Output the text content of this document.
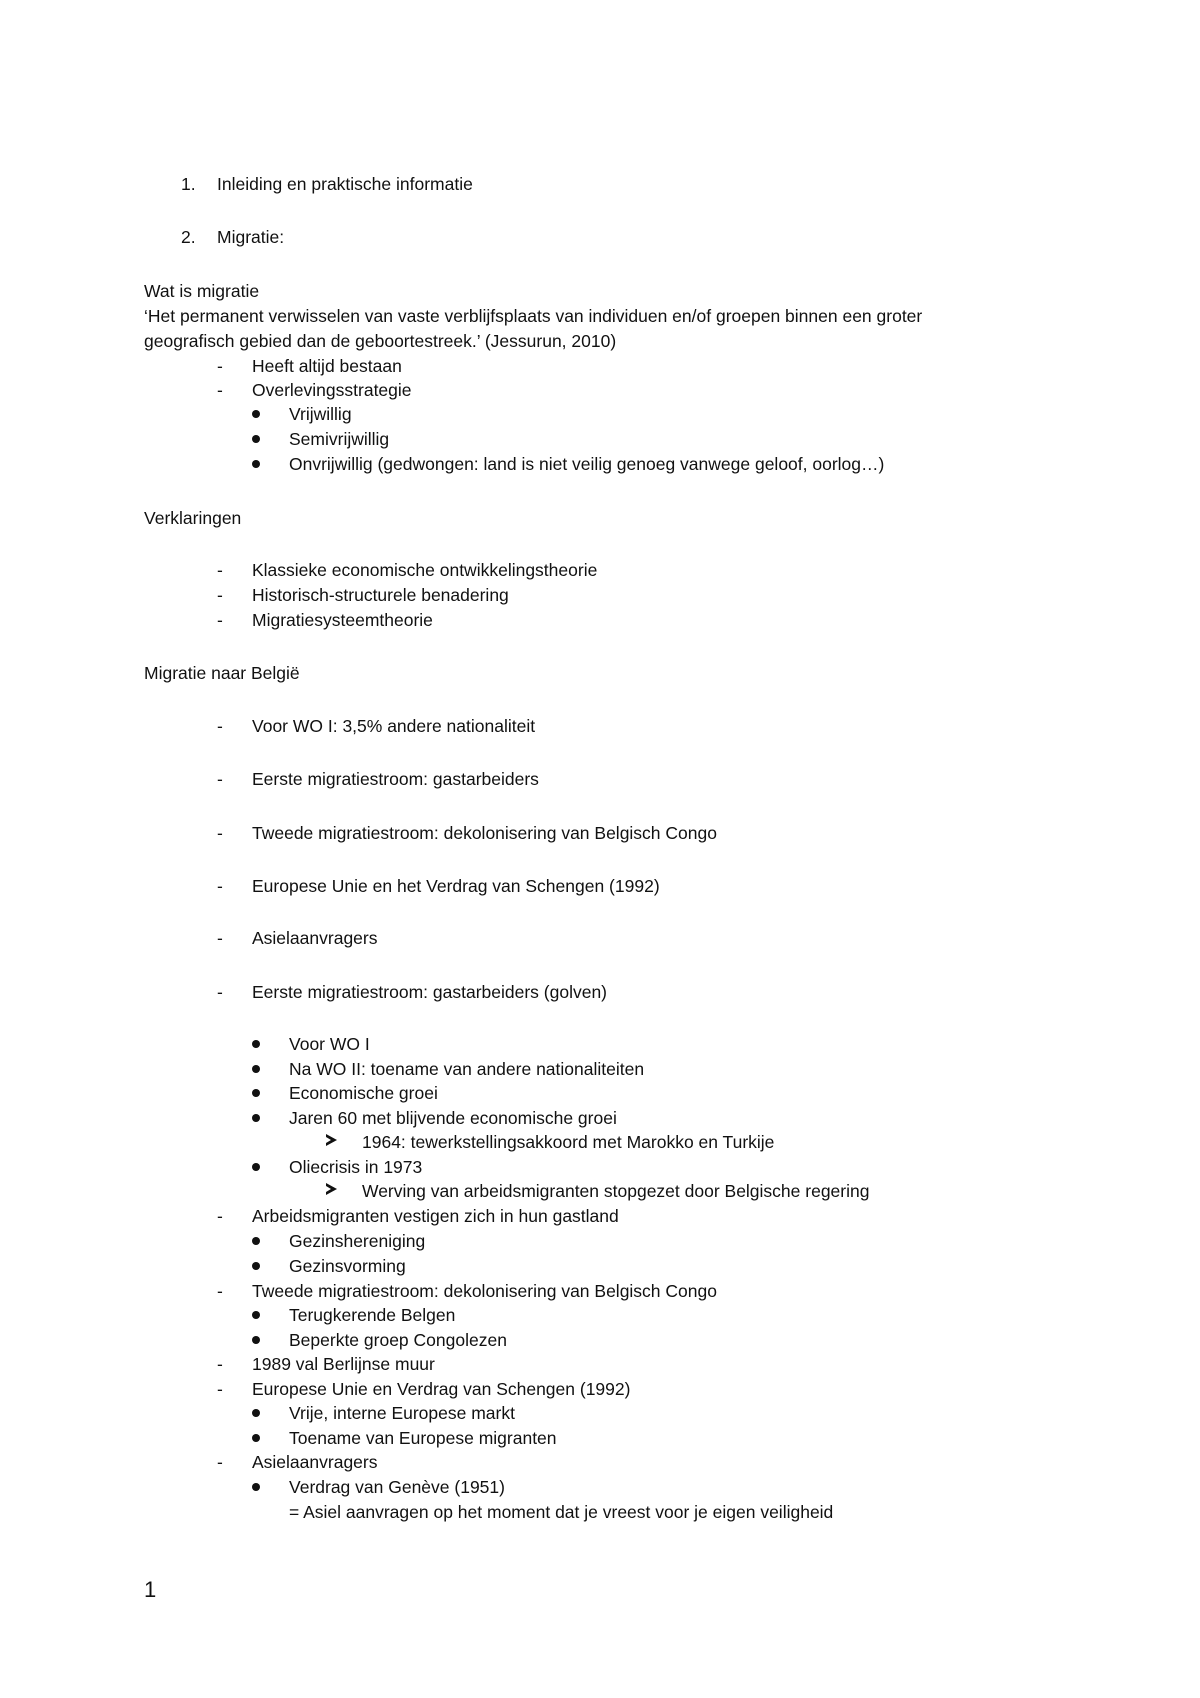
1. Inleiding en praktische informatie
2. Migratie:
Wat is migratie
‘Het permanent verwisselen van vaste verblijfsplaats van individuen en/of groepen binnen een groter
geografisch gebied dan de geboortestreek.’ (Jessurun, 2010)
- Heeft altijd bestaan
- Overlevingsstrategie
Vrijwillig
Semivrijwillig
Onvrijwillig (gedwongen: land is niet veilig genoeg vanwege geloof, oorlog…)
Verklaringen
- Klassieke economische ontwikkelingstheorie
- Historisch-structurele benadering
- Migratiesysteemtheorie
Migratie naar België
- Voor WO I: 3,5% andere nationaliteit
- Eerste migratiestroom: gastarbeiders
- Tweede migratiestroom: dekolonisering van Belgisch Congo
- Europese Unie en het Verdrag van Schengen (1992)
- Asielaanvragers
- Eerste migratiestroom: gastarbeiders (golven)
Voor WO I
Na WO II: toename van andere nationaliteiten
Economische groei
Jaren 60 met blijvende economische groei
1964: tewerkstellingsakkoord met Marokko en Turkije
Oliecrisis in 1973
Werving van arbeidsmigranten stopgezet door Belgische regering
- Arbeidsmigranten vestigen zich in hun gastland
Gezinshereniging
Gezinsvorming
- Tweede migratiestroom: dekolonisering van Belgisch Congo
Terugkerende Belgen
Beperkte groep Congolezen
- 1989 val Berlijnse muur
- Europese Unie en Verdrag van Schengen (1992)
Vrije, interne Europese markt
Toename van Europese migranten
- Asielaanvragers
Verdrag van Genève (1951)
= Asiel aanvragen op het moment dat je vreest voor je eigen veiligheid
1
